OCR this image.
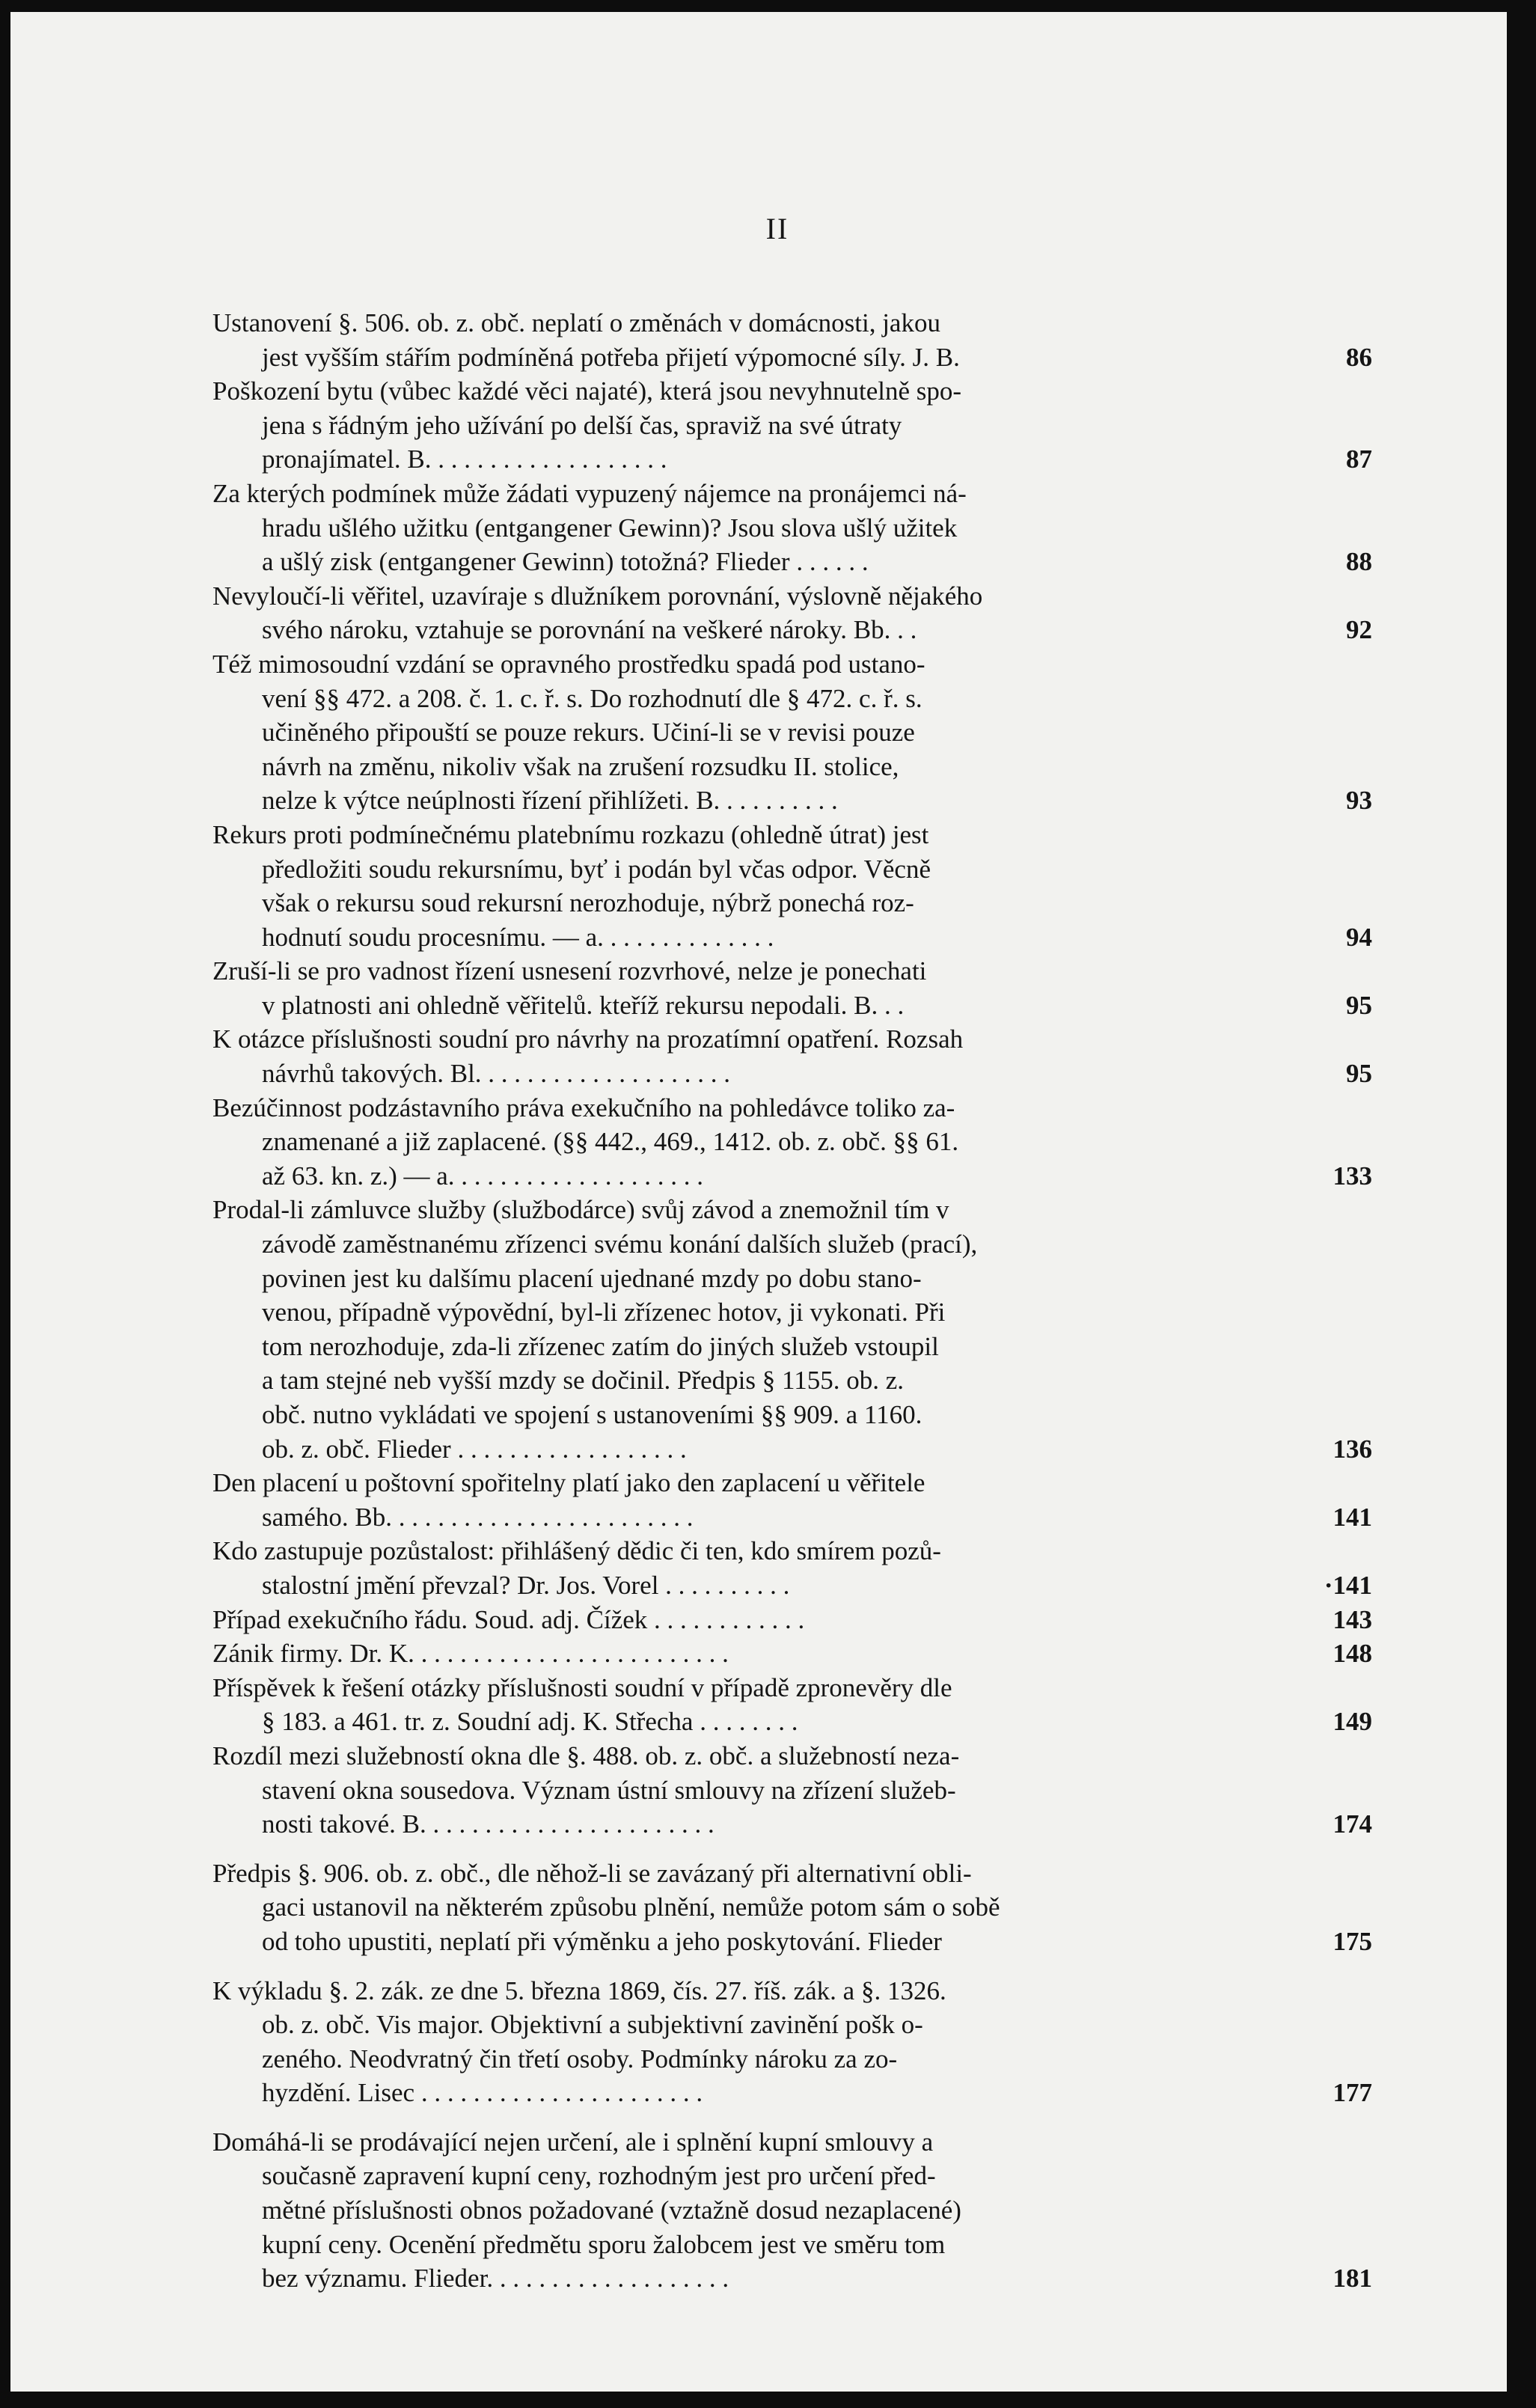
II
Ustanovení §. 506. ob. z. obč. neplatí o změnách v domácnosti, jakou
jest vyšším stářím podmíněná potřeba přijetí výpomocné síly. J. B.	86
Poškození bytu (vůbec každé věci najaté), která jsou nevyhnutelně spo-
jena s řádným jeho užívání po delší čas, spraviž na své útraty
pronajímatel. B. . . . . . . . . . . . . . . . . . .	87
Za kterých podmínek může žádati vypuzený nájemce na pronájemci ná-
hradu ušlého užitku (entgangener Gewinn)? Jsou slova ušlý užitek
a ušlý zisk (entgangener Gewinn) totožná? Flieder . . . . . .	88
Nevyloučí-li věřitel, uzavíraje s dlužníkem porovnání, výslovně nějakého
svého nároku, vztahuje se porovnání na veškeré nároky. Bb. . .	92
Též mimosoudní vzdání se opravného prostředku spadá pod ustano-
vení §§ 472. a 208. č. 1. c. ř. s. Do rozhodnutí dle § 472. c. ř. s.
učiněného připouští se pouze rekurs. Učiní-li se v revisi pouze
návrh na změnu, nikoliv však na zrušení rozsudku II. stolice,
nelze k výtce neúplnosti řízení přihlížeti. B. . . . . . . . . .	93
Rekurs proti podmínečnému platebnímu rozkazu (ohledně útrat) jest
předložiti soudu rekursnímu, byť i podán byl včas odpor. Věcně
však o rekursu soud rekursní nerozhoduje, nýbrž ponechá roz-
hodnutí soudu procesnímu. — a. . . . . . . . . . . . . .	94
Zruší-li se pro vadnost řízení usnesení rozvrhové, nelze je ponechati
v platnosti ani ohledně věřitelů. kteříž rekursu nepodali. B. . .	95
K otázce příslušnosti soudní pro návrhy na prozatímní opatření. Rozsah
návrhů takových. Bl. . . . . . . . . . . . . . . . . . . .	95
Bezúčinnost podzástavního práva exekučního na pohledávce toliko za-
znamenané a již zaplacené. (§§ 442., 469., 1412. ob. z. obč. §§ 61.
až 63. kn. z.) — a. . . . . . . . . . . . . . . . . . . .	133
Prodal-li zámluvce služby (službodárce) svůj závod a znemožnil tím v
závodě zaměstnanému zřízenci svému konání dalších služeb (prací),
povinen jest ku dalšímu placení ujednané mzdy po dobu stano-
venou, případně výpovědní, byl-li zřízenec hotov, ji vykonati. Při
tom nerozhoduje, zda-li zřízenec zatím do jiných služeb vstoupil
a tam stejné neb vyšší mzdy se dočinil. Předpis § 1155. ob. z.
obč. nutno vykládati ve spojení s ustanoveními §§ 909. a 1160.
ob. z. obč. Flieder . . . . . . . . . . . . . . . . . .	136
Den placení u poštovní spořitelny platí jako den zaplacení u věřitele
samého. Bb. . . . . . . . . . . . . . . . . . . . . . . .	141
Kdo zastupuje pozůstalost: přihlášený dědic či ten, kdo smírem pozů-
stalostní jmění převzal? Dr. Jos. Vorel . . . . . . . . . .	·141
Případ exekučního řádu. Soud. adj. Čížek . . . . . . . . . . . .	143
Zánik firmy. Dr. K. . . . . . . . . . . . . . . . . . . . . . . . .	148
Příspěvek k řešení otázky příslušnosti soudní v případě zpronevěry dle
§ 183. a 461. tr. z. Soudní adj. K. Střecha . . . . . . . .	149
Rozdíl mezi služebností okna dle §. 488. ob. z. obč. a služebností neza-
stavení okna sousedova. Význam ústní smlouvy na zřízení služeb-
nosti takové. B. . . . . . . . . . . . . . . . . . . . . . .	174
Předpis §. 906. ob. z. obč., dle něhož-li se zavázaný při alternativní obli-
gaci ustanovil na některém způsobu plnění, nemůže potom sám o sobě
od toho upustiti, neplatí při výměnku a jeho poskytování. Flieder	175
K výkladu §. 2. zák. ze dne 5. března 1869, čís. 27. říš. zák. a §. 1326.
ob. z. obč. Vis major. Objektivní a subjektivní zavinění pošk o-
zeného. Neodvratný čin třetí osoby. Podmínky nároku za zo-
hyzdění. Lisec . . . . . . . . . . . . . . . . . . . . . .	177
Domáhá-li se prodávající nejen určení, ale i splnění kupní smlouvy a
současně zapravení kupní ceny, rozhodným jest pro určení před-
mětné příslušnosti obnos požadované (vztažně dosud nezaplacené)
kupní ceny. Ocenění předmětu sporu žalobcem jest ve směru tom
bez významu. Flieder. . . . . . . . . . . . . . . . . . .	181
